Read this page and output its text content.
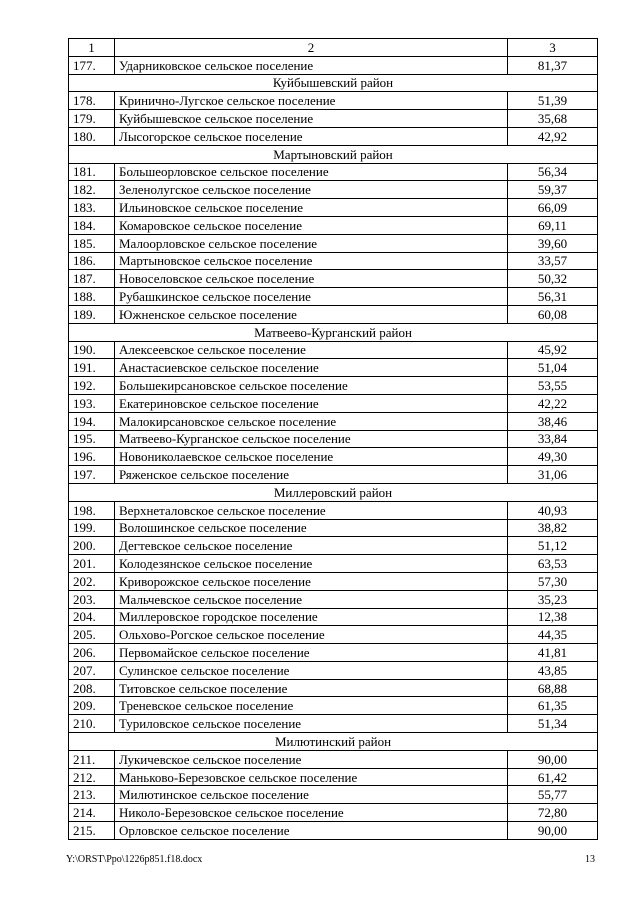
1	2	3
177.	Ударниковское сельское поселение	81,37
Куйбышевский район		
178.	Кринично-Лугское сельское поселение	51,39
179.	Куйбышевское сельское поселение	35,68
180.	Лысогорское сельское поселение	42,92
Мартыновский район		
181.	Большеорловское сельское поселение	56,34
182.	Зеленолугское сельское поселение	59,37
183.	Ильиновское сельское поселение	66,09
184.	Комаровское сельское поселение	69,11
185.	Малоорловское сельское поселение	39,60
186.	Мартыновское сельское поселение	33,57
187.	Новоселовское сельское поселение	50,32
188.	Рубашкинское сельское поселение	56,31
189.	Южненское сельское поселение	60,08
Матвеево-Курганский район		
190.	Алексеевское сельское поселение	45,92
191.	Анастасиевское сельское поселение	51,04
192.	Большекирсановское сельское поселение	53,55
193.	Екатериновское сельское поселение	42,22
194.	Малокирсановское сельское поселение	38,46
195.	Матвеево-Курганское сельское поселение	33,84
196.	Новониколаевское сельское поселение	49,30
197.	Ряженское сельское поселение	31,06
Миллеровский район		
198.	Верхнеталовское сельское поселение	40,93
199.	Волошинское сельское поселение	38,82
200.	Дегтевское сельское поселение	51,12
201.	Колодезянское сельское поселение	63,53
202.	Криворожское сельское поселение	57,30
203.	Мальчевское сельское поселение	35,23
204.	Миллеровское городское поселение	12,38
205.	Ольхово-Рогское сельское поселение	44,35
206.	Первомайское сельское поселение	41,81
207.	Сулинское сельское поселение	43,85
208.	Титовское сельское поселение	68,88
209.	Треневское сельское поселение	61,35
210.	Туриловское сельское поселение	51,34
Милютинский район		
211.	Лукичевское сельское поселение	90,00
212.	Маньково-Березовское сельское поселение	61,42
213.	Милютинское сельское поселение	55,77
214.	Николо-Березовское сельское поселение	72,80
215.	Орловское сельское поселение	90,00
Y:\ORST\Ppo\1226p851.f18.docx	13
